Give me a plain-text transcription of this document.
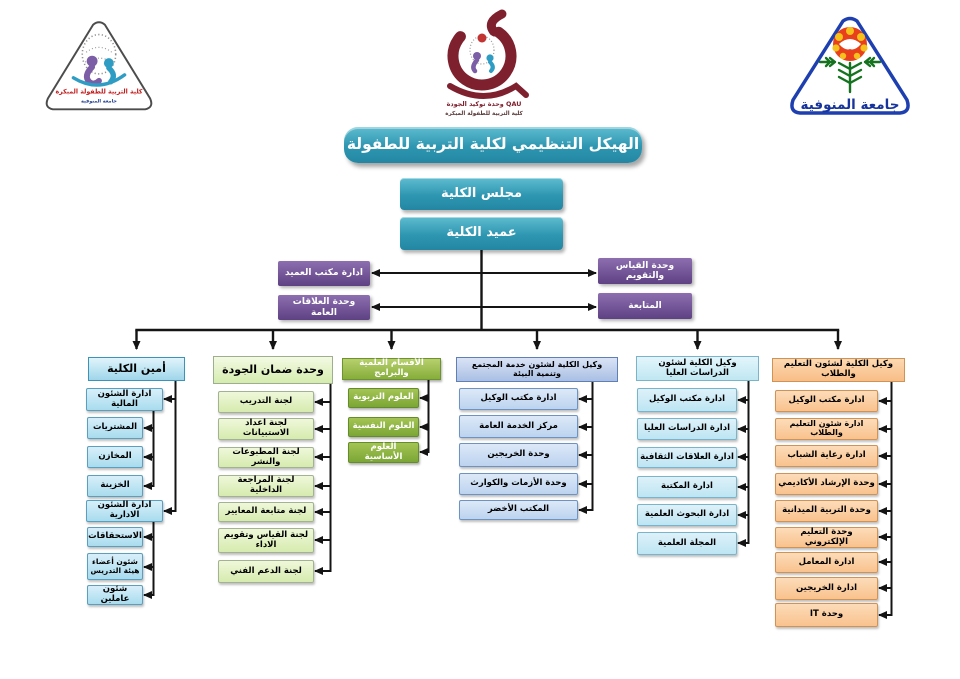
كلية التربية للطفولة المبكرة
جامعة المنوفية	وحدة توكيد الجودة QAU
كلية التربية للطفولة المبكرة
جامعة المنوفية
الهيكل التنظيمي لكلية التربية للطفولة
مجلس الكلية
عميد الكلية
ادارة مكتب العميد
وحدة العلاقات العامة
وحدة القياس والتقويم
المتابعة
أمين الكلية
ادارة الشئون المالية
المشتريات
المخازن
الخزينة
ادارة الشئون الادارية
الاستحقاقات
شئون أعضاء هيئة التدريس
شئون عاملين
وحدة ضمان الجودة
لجنة التدريب
لجنة اعداد الاستبيانات
لجنة المطبوعات والنشر
لجنة المراجعة الداخلية
لجنة متابعة المعايير
لجنة القياس وتقويم الاداء
لجنة الدعم الفني
الأقسام العلمية والبرامج
العلوم التربوية
العلوم النفسية
العلوم الأساسية
وكيل الكلية لشئون خدمة المجتمع وتنمية البيئة
ادارة مكتب الوكيل
مركز الخدمة العامة
وحدة الخريجين
وحدة الأزمات والكوارث
المكتب الأخضر
وكيل الكلية لشئون الدراسات العليا
ادارة مكتب الوكيل
ادارة الدراسات العليا
ادارة العلاقات الثقافية
ادارة المكتبة
ادارة البحوث العلمية
المجلة العلمية
وكيل الكلية لشئون التعليم والطلاب
ادارة مكتب الوكيل
ادارة شئون التعليم والطلاب
ادارة رعاية الشباب
وحدة الإرشاد الأكاديمي
وحدة التربية الميدانية
وحدة التعليم الإلكتروني
ادارة المعامل
ادارة الخريجين
وحدة IT
